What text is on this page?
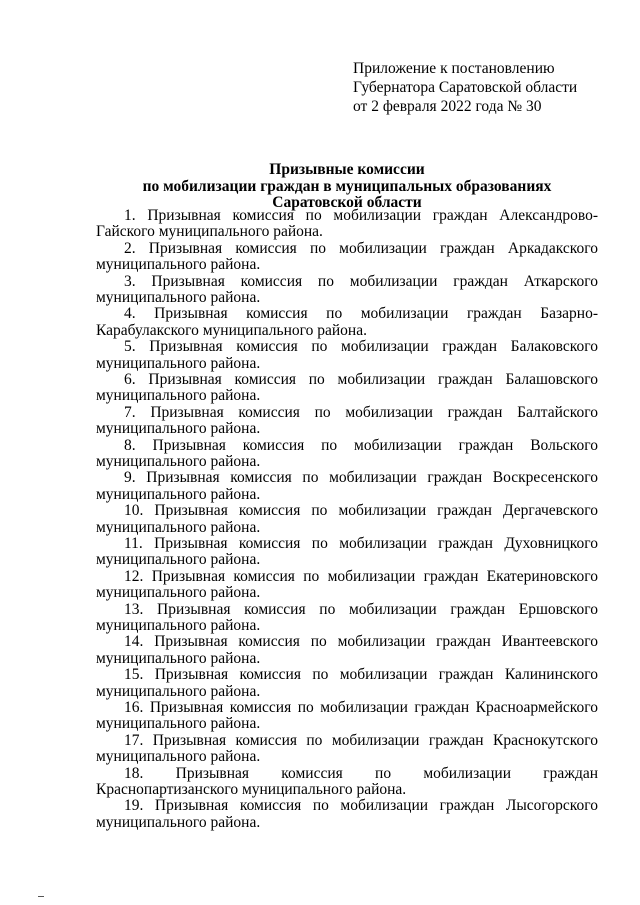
Приложение к постановлению
Губернатора Саратовской области
от 2 февраля 2022 года № 30
Призывные комиссии
по мобилизации граждан в муниципальных образованиях
Саратовской области
1. Призывная комиссия по мобилизации граждан Александрово-Гайского муниципального района.
2. Призывная комиссия по мобилизации граждан Аркадакского муниципального района.
3. Призывная комиссия по мобилизации граждан Аткарского муниципального района.
4. Призывная комиссия по мобилизации граждан Базарно-Карабулакского муниципального района.
5. Призывная комиссия по мобилизации граждан Балаковского муниципального района.
6. Призывная комиссия по мобилизации граждан Балашовского муниципального района.
7. Призывная комиссия по мобилизации граждан Балтайского муниципального района.
8. Призывная комиссия по мобилизации граждан Вольского муниципального района.
9. Призывная комиссия по мобилизации граждан Воскресенского муниципального района.
10. Призывная комиссия по мобилизации граждан Дергачевского муниципального района.
11. Призывная комиссия по мобилизации граждан Духовницкого муниципального района.
12. Призывная комиссия по мобилизации граждан Екатериновского муниципального района.
13. Призывная комиссия по мобилизации граждан Ершовского муниципального района.
14. Призывная комиссия по мобилизации граждан Ивантеевского муниципального района.
15. Призывная комиссия по мобилизации граждан Калининского муниципального района.
16. Призывная комиссия по мобилизации граждан Красноармейского муниципального района.
17. Призывная комиссия по мобилизации граждан Краснокутского муниципального района.
18. Призывная комиссия по мобилизации граждан Краснопартизанского муниципального района.
19. Призывная комиссия по мобилизации граждан Лысогорского муниципального района.
